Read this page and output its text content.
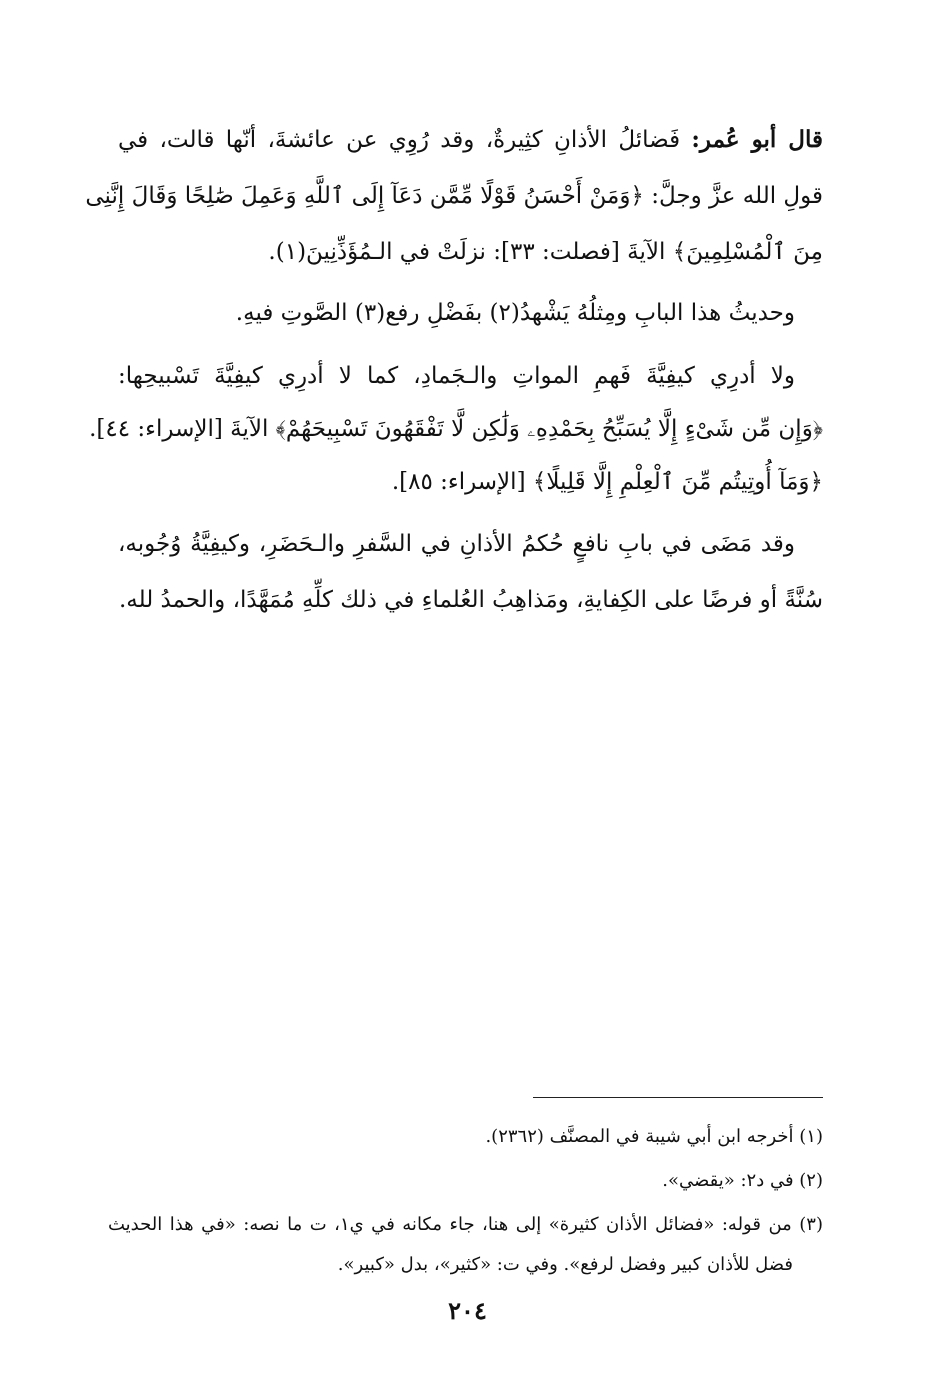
قال أبو عُمر: فَضائلُ الأذانِ كثِيرةٌ، وقد رُوِي عن عائشةَ، أنّها قالت، في
قولِ الله عزَّ وجلَّ: ﴿وَمَنْ أَحْسَنُ قَوْلًا مِّمَّن دَعَآ إِلَى ٱللَّهِ وَعَمِلَ صَٰلِحًا وَقَالَ إِنَّنِى
مِنَ ٱلْمُسْلِمِينَ﴾ الآيةَ [فصلت: ٣٣]: نزلَتْ في الـمُؤَذِّنِينَ(١).
وحديثُ هذا البابِ ومِثلُهُ يَشْهدُ(٢) بفَضْلِ رفع(٣) الصَّوتِ فيهِ.
ولا أدرِي كيفِيَّةَ فَهمِ المواتِ والـجَمادِ، كما لا أدرِي كيفِيَّةَ تَسْبيحِها:
﴿وَإِن مِّن شَىْءٍ إِلَّا يُسَبِّحُ بِحَمْدِهِۦ وَلَٰكِن لَّا تَفْقَهُونَ تَسْبِيحَهُمْ﴾ الآيةَ [الإسراء: ٤٤].
﴿وَمَآ أُوتِيتُم مِّنَ ٱلْعِلْمِ إِلَّا قَلِيلًا﴾ [الإسراء: ٨٥].
وقد مَضَى في بابِ نافعٍ حُكمُ الأذانِ في السَّفرِ والـحَضَرِ، وكيفِيَّةُ وُجُوبه،
سُنَّةً أو فرضًا على الكِفايةِ، ومَذاهِبُ العُلماءِ في ذلك كلِّهِ مُمَهَّدًا، والحمدُ لله.
(١) أخرجه ابن أبي شيبة في المصنَّف (٢٣٦٢).
(٢) في د٢: «يقضي».
(٣) من قوله: «فضائل الأذان كثيرة» إلى هنا، جاء مكانه في ي١، ت ما نصه: «في هذا الحديث
فضل للأذان كبير وفضل لرفع». وفي ت: «كثير»، بدل «كبير».
٢٠٤
